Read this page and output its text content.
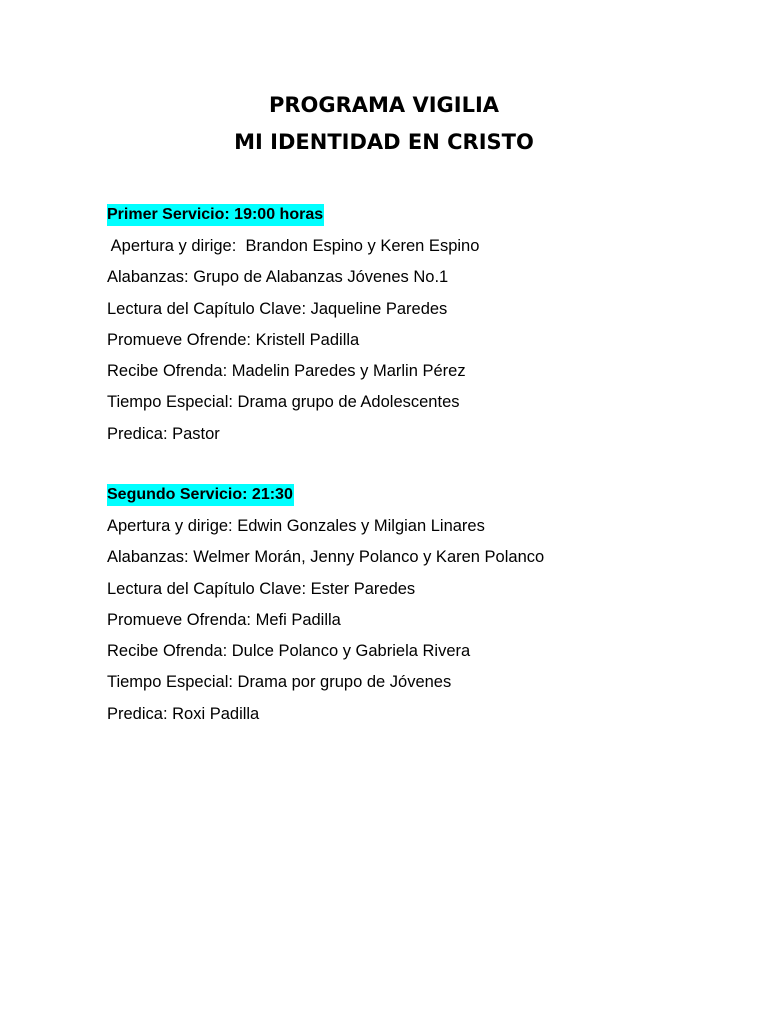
PROGRAMA VIGILIA
MI IDENTIDAD EN CRISTO
Primer Servicio: 19:00 horas

Apertura y dirige:  Brandon Espino y Keren Espino

Alabanzas: Grupo de Alabanzas Jóvenes No.1

Lectura del Capítulo Clave: Jaqueline Paredes

Promueve Ofrende: Kristell Padilla

Recibe Ofrenda: Madelin Paredes y Marlin Pérez

Tiempo Especial: Drama grupo de Adolescentes

Predica: Pastor

Segundo Servicio: 21:30

Apertura y dirige: Edwin Gonzales y Milgian Linares

Alabanzas: Welmer Morán, Jenny Polanco y Karen Polanco

Lectura del Capítulo Clave: Ester Paredes

Promueve Ofrenda: Mefi Padilla

Recibe Ofrenda: Dulce Polanco y Gabriela Rivera

Tiempo Especial: Drama por grupo de Jóvenes

Predica: Roxi Padilla
